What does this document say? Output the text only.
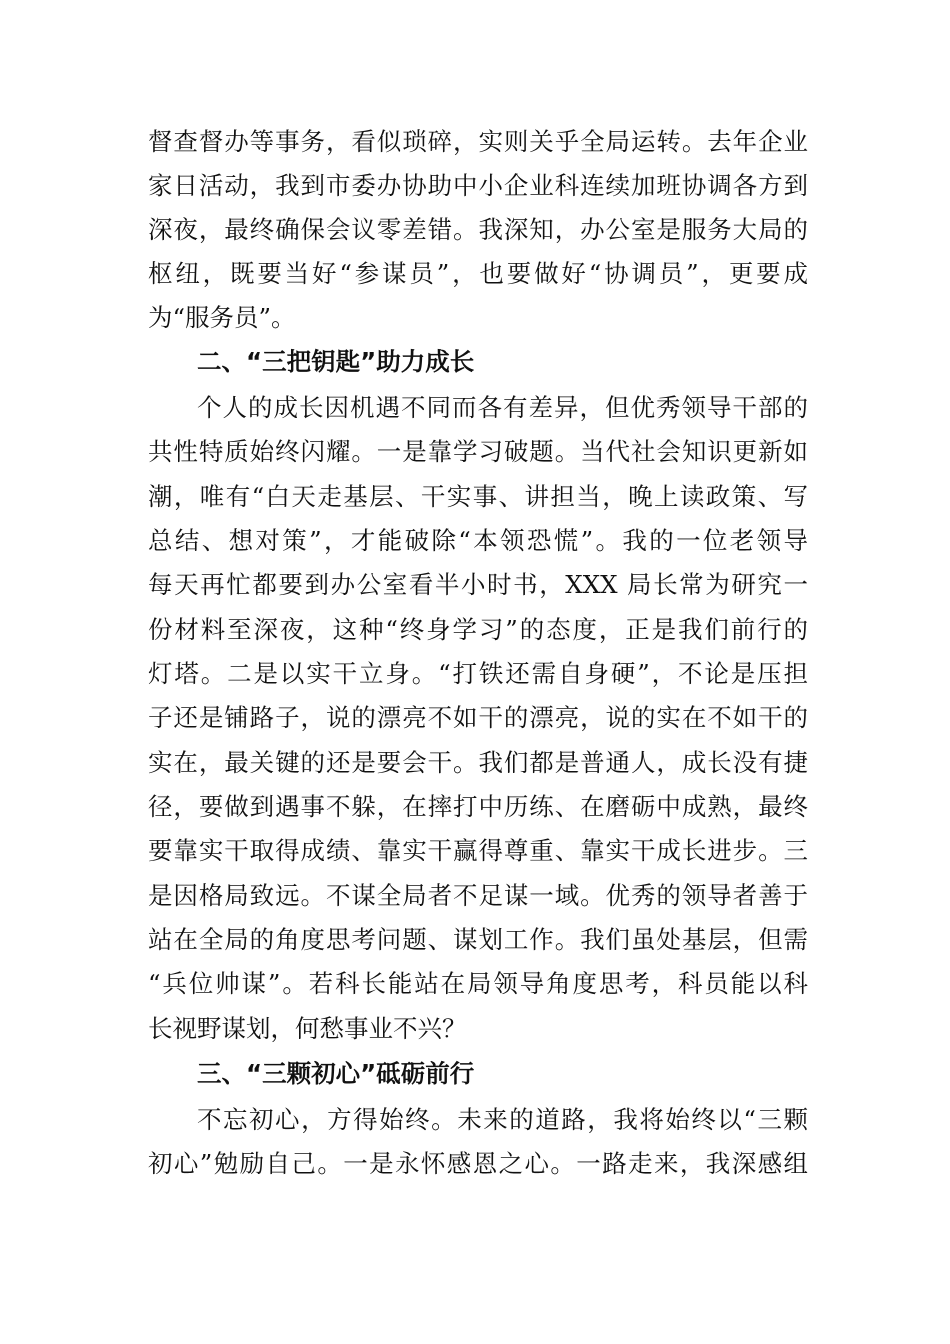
督查督办等事务，看似琐碎，实则关乎全局运转。去年企业
家日活动，我到市委办协助中小企业科连续加班协调各方到
深夜，最终确保会议零差错。我深知，办公室是服务大局的
枢纽，既要当好“参谋员”，也要做好“协调员”，更要成
为“服务员”。
二、“三把钥匙”助力成长
个人的成长因机遇不同而各有差异，但优秀领导干部的
共性特质始终闪耀。一是靠学习破题。当代社会知识更新如
潮，唯有“白天走基层、干实事、讲担当，晚上读政策、写
总结、想对策”，才能破除“本领恐慌”。我的一位老领导
每天再忙都要到办公室看半小时书，XXX 局长常为研究一
份材料至深夜，这种“终身学习”的态度，正是我们前行的
灯塔。二是以实干立身。“打铁还需自身硬”，不论是压担
子还是铺路子，说的漂亮不如干的漂亮，说的实在不如干的
实在，最关键的还是要会干。我们都是普通人，成长没有捷
径，要做到遇事不躲，在摔打中历练、在磨砺中成熟，最终
要靠实干取得成绩、靠实干赢得尊重、靠实干成长进步。三
是因格局致远。不谋全局者不足谋一域。优秀的领导者善于
站在全局的角度思考问题、谋划工作。我们虽处基层，但需
“兵位帅谋”。若科长能站在局领导角度思考，科员能以科
长视野谋划，何愁事业不兴？
三、“三颗初心”砥砺前行
不忘初心，方得始终。未来的道路，我将始终以“三颗
初心”勉励自己。一是永怀感恩之心。一路走来，我深感组
